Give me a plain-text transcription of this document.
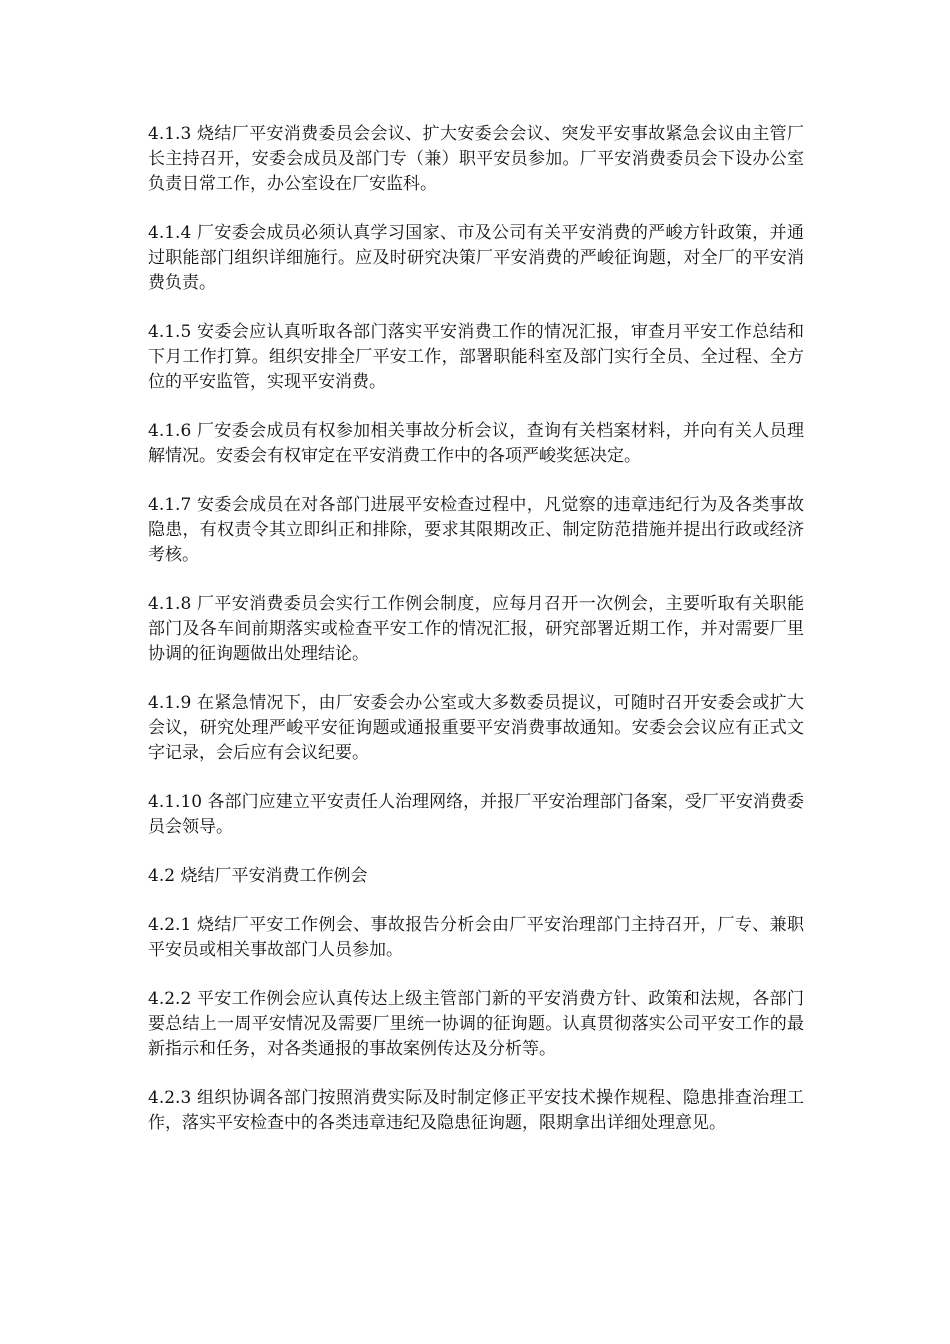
4.1.3 烧结厂平安消费委员会会议、扩大安委会会议、突发平安事故紧急会议由主管厂长主持召开，安委会成员及部门专（兼）职平安员参加。厂平安消费委员会下设办公室负责日常工作，办公室设在厂安监科。

4.1.4 厂安委会成员必须认真学习国家、市及公司有关平安消费的严峻方针政策，并通过职能部门组织详细施行。应及时研究决策厂平安消费的严峻征询题，对全厂的平安消费负责。

4.1.5 安委会应认真听取各部门落实平安消费工作的情况汇报，审查月平安工作总结和下月工作打算。组织安排全厂平安工作，部署职能科室及部门实行全员、全过程、全方位的平安监管，实现平安消费。

4.1.6 厂安委会成员有权参加相关事故分析会议，查询有关档案材料，并向有关人员理解情况。安委会有权审定在平安消费工作中的各项严峻奖惩决定。

4.1.7 安委会成员在对各部门进展平安检查过程中，凡觉察的违章违纪行为及各类事故隐患，有权责令其立即纠正和排除，要求其限期改正、制定防范措施并提出行政或经济考核。

4.1.8 厂平安消费委员会实行工作例会制度，应每月召开一次例会，主要听取有关职能部门及各车间前期落实或检查平安工作的情况汇报，研究部署近期工作，并对需要厂里协调的征询题做出处理结论。

4.1.9 在紧急情况下，由厂安委会办公室或大多数委员提议，可随时召开安委会或扩大会议，研究处理严峻平安征询题或通报重要平安消费事故通知。安委会会议应有正式文字记录，会后应有会议纪要。

4.1.10 各部门应建立平安责任人治理网络，并报厂平安治理部门备案，受厂平安消费委员会领导。

4.2 烧结厂平安消费工作例会

4.2.1 烧结厂平安工作例会、事故报告分析会由厂平安治理部门主持召开，厂专、兼职平安员或相关事故部门人员参加。

4.2.2 平安工作例会应认真传达上级主管部门新的平安消费方针、政策和法规，各部门要总结上一周平安情况及需要厂里统一协调的征询题。认真贯彻落实公司平安工作的最新指示和任务，对各类通报的事故案例传达及分析等。

4.2.3 组织协调各部门按照消费实际及时制定修正平安技术操作规程、隐患排查治理工作，落实平安检查中的各类违章违纪及隐患征询题，限期拿出详细处理意见。
